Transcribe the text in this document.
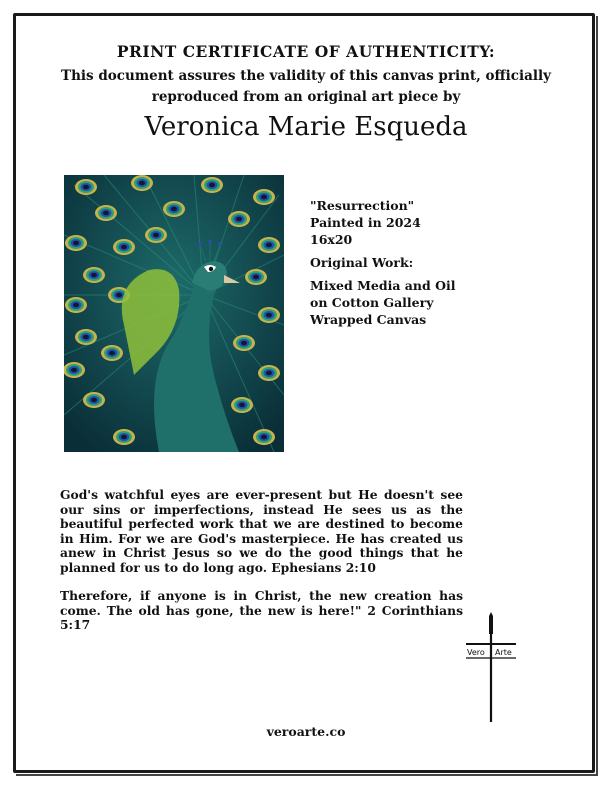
PRINT CERTIFICATE OF AUTHENTICITY:

This document assures the validity of this canvas print, officially
reproduced from an original art piece by

Veronica Marie Esqueda

"Resurrection"
Painted in 2024
16x20
Original Work:
Mixed Media and Oil
on Cotton Gallery
Wrapped Canvas

God's watchful eyes are ever-present but He doesn't see our sins or imperfections, instead He sees us as the beautiful perfected work that we are destined to become in Him. For we are God's masterpiece. He has created us anew in Christ Jesus so we do the good things that he planned for us to do long ago. Ephesians 2:10

Therefore, if anyone is in Christ, the new creation has come. The old has gone, the new is here!" 2 Corinthians 5:17

Vero Arte
veroarte.co
